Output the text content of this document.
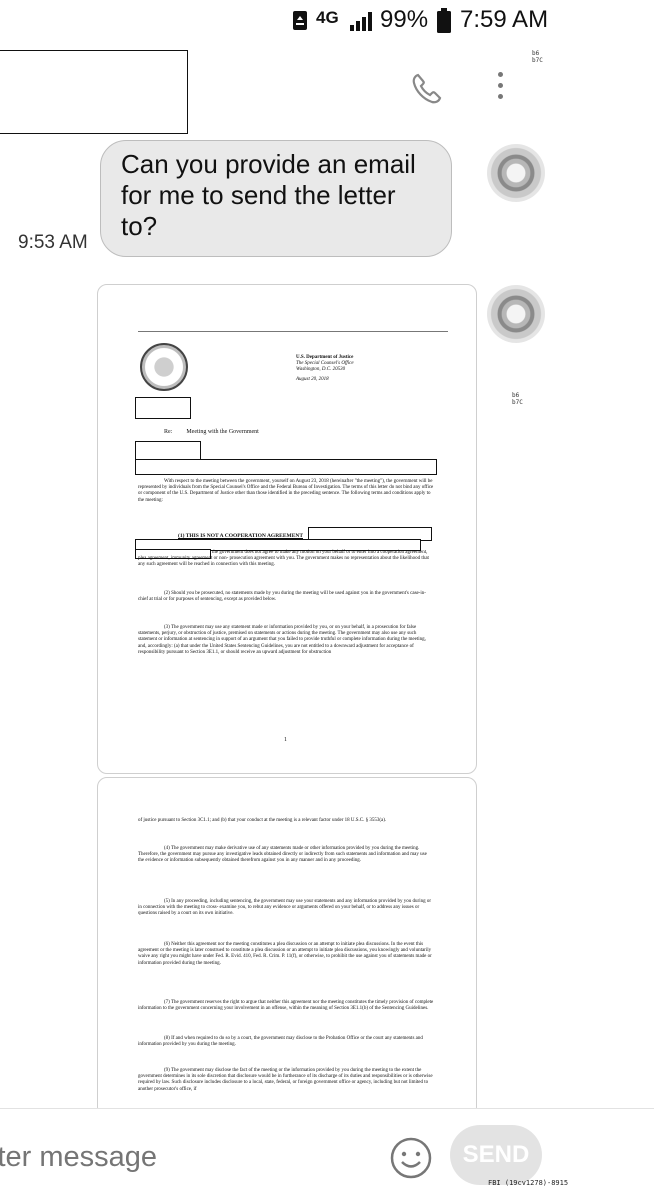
4G 99% 7:59 AM
b6
b7C
9:53 AM

Can you provide an email for me to send the letter to?

b6
b7C

U.S. Department of Justice

The Special Counsel's Office

Washington, D.C. 20530

August 20, 2018

Re: Meeting with the Government

With respect to the meeting between the government, yourself on August 23, 2018 (hereinafter "the meeting"), the government will be represented by individuals from the Special Counsel's Office and the Federal Bureau of Investigation. The terms of this letter do not bind any office or component of the U.S. Department of Justice other than those identified in the preceding sentence. The following terms and conditions apply to the meeting:

(1) THIS IS NOT A COOPERATION AGREEMENT

the government does not agree to make any motion on your behalf or to enter into a cooperation agreement, plea agreement, immunity agreement or non- prosecution agreement with you. The government makes no representation about the likelihood that any such agreement will be reached in connection with this meeting.

(2) Should you be prosecuted, no statements made by you during the meeting will be used against you in the government's case-in-chief at trial or for purposes of sentencing, except as provided below.

(3) The government may use any statement made or information provided by you, or on your behalf, in a prosecution for false statements, perjury, or obstruction of justice, premised on statements or actions during the meeting. The government may also use any such statement or information at sentencing in support of an argument that you failed to provide truthful or complete information during the meeting, and, accordingly: (a) that under the United States Sentencing Guidelines, you are not entitled to a downward adjustment for acceptance of responsibility pursuant to Section 3E1.1, or should receive an upward adjustment for obstruction

1

of justice pursuant to Section 3C1.1; and (b) that your conduct at the meeting is a relevant factor under 18 U.S.C. § 3553(a).

(4) The government may make derivative use of any statements made or other information provided by you during the meeting. Therefore, the government may pursue any investigative leads obtained directly or indirectly from such statements and information and may use the evidence or information subsequently obtained therefrom against you in any manner and in any proceeding.

(5) In any proceeding, including sentencing, the government may use your statements and any information provided by you during or in connection with the meeting to cross- examine you, to rebut any evidence or arguments offered on your behalf, or to address any issues or questions raised by a court on its own initiative.

(6) Neither this agreement nor the meeting constitutes a plea discussion or an attempt to initiate plea discussions. In the event this agreement or the meeting is later construed to constitute a plea discussion or an attempt to initiate plea discussions, you knowingly and voluntarily waive any right you might have under Fed. R. Evid. 410, Fed. R. Crim. P. 11(f), or otherwise, to prohibit the use against you of statements made or information provided during the meeting.

(7) The government reserves the right to argue that neither this agreement nor the meeting constitutes the timely provision of complete information to the government concerning your involvement in an offense, within the meaning of Section 3E1.1(b) of the Sentencing Guidelines.

(8) If and when required to do so by a court, the government may disclose to the Probation Office or the court any statements and information provided by you during the meeting.

(9) The government may disclose the fact of the meeting or the information provided by you during the meeting to the extent the government determines in its sole discretion that disclosure would be in furtherance of its discharge of its duties and responsibilities or is otherwise required by law. Such disclosure includes disclosure to a local, state, federal, or foreign government office or agency, including but not limited to another prosecutor's office, if

Enter message
SEND
FBI (19cv1278)-8915
